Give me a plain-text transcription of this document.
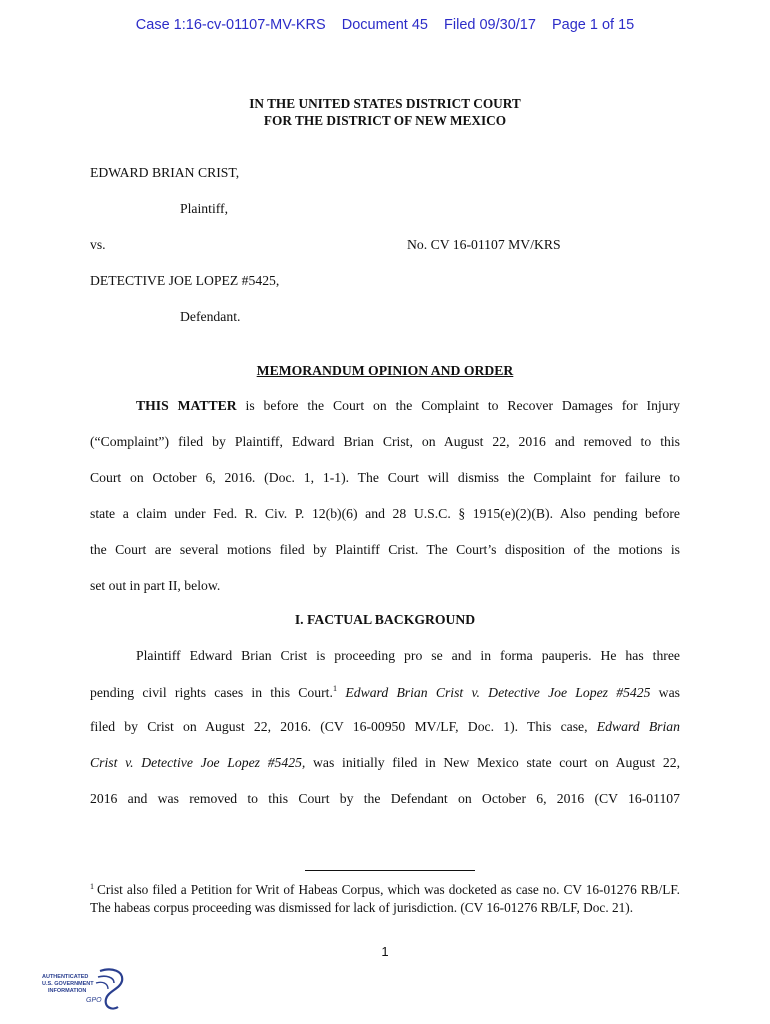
Case 1:16-cv-01107-MV-KRS Document 45 Filed 09/30/17 Page 1 of 15
IN THE UNITED STATES DISTRICT COURT
FOR THE DISTRICT OF NEW MEXICO
EDWARD BRIAN CRIST,
Plaintiff,
vs.	No. CV 16-01107 MV/KRS
DETECTIVE JOE LOPEZ #5425,
Defendant.
MEMORANDUM OPINION AND ORDER
THIS MATTER is before the Court on the Complaint to Recover Damages for Injury
(“Complaint”) filed by Plaintiff, Edward Brian Crist, on August 22, 2016 and removed to this
Court on October 6, 2016. (Doc. 1, 1-1). The Court will dismiss the Complaint for failure to
state a claim under Fed. R. Civ. P. 12(b)(6) and 28 U.S.C. § 1915(e)(2)(B). Also pending before
the Court are several motions filed by Plaintiff Crist. The Court’s disposition of the motions is
set out in part II, below.
I. FACTUAL BACKGROUND
Plaintiff Edward Brian Crist is proceeding pro se and in forma pauperis. He has three
pending civil rights cases in this Court.$^1$ Edward Brian Crist v. Detective Joe Lopez #5425 was
filed by Crist on August 22, 2016. (CV 16-00950 MV/LF, Doc. 1). This case, Edward Brian
Crist v. Detective Joe Lopez #5425, was initially filed in New Mexico state court on August 22,
2016 and was removed to this Court by the Defendant on October 6, 2016 (CV 16-01107
$^1$ Crist also filed a Petition for Writ of Habeas Corpus, which was docketed as case no. CV 16-01276 RB/LF. The habeas corpus proceeding was dismissed for lack of jurisdiction. (CV 16-01276 RB/LF, Doc. 21).
1
AUTHENTICATED
U.S. GOVERNMENT
INFORMATION
GPO
